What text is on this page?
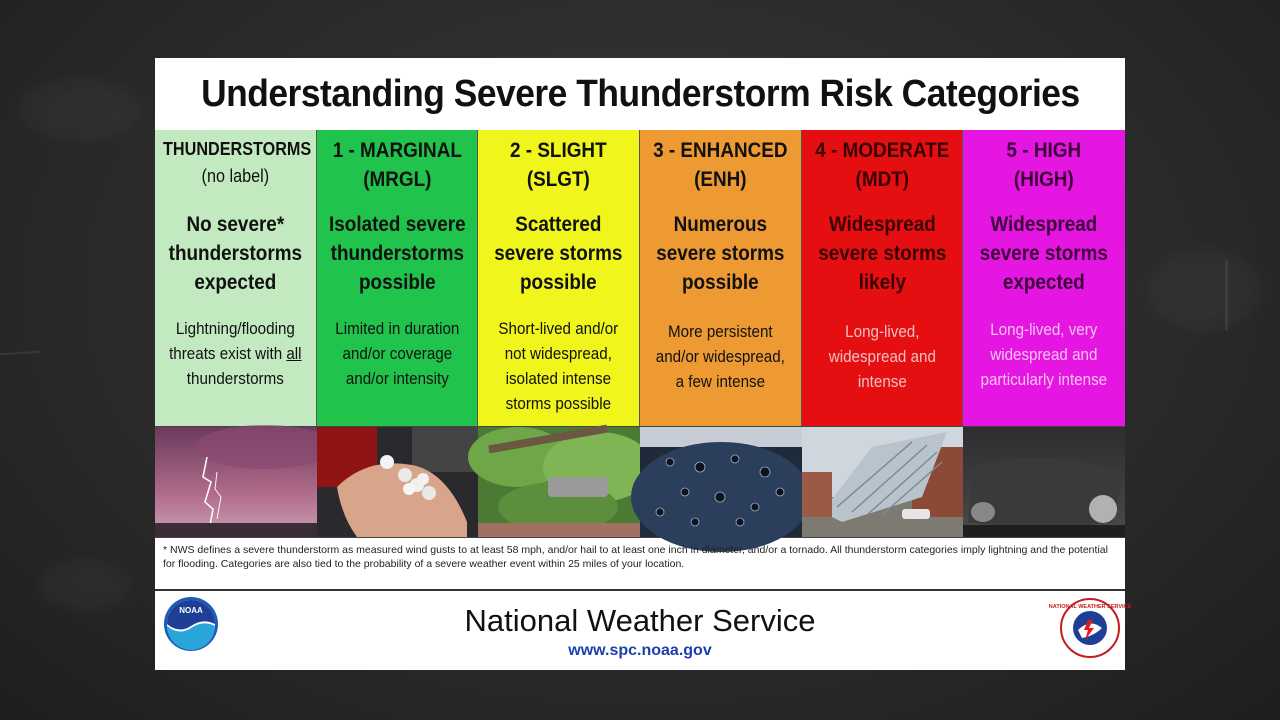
Understanding Severe Thunderstorm Risk Categories
THUNDERSTORMS
(no label)
No severe*
thunderstorms
expected
Lightning/flooding
threats exist with all
thunderstorms
1 - MARGINAL
(MRGL)
Isolated severe
thunderstorms
possible
Limited in duration
and/or coverage
and/or intensity
2 - SLIGHT
(SLGT)
Scattered
severe storms
possible
Short-lived and/or
not widespread,
isolated intense
storms possible
3 - ENHANCED
(ENH)
Numerous
severe storms
possible
More persistent
and/or widespread,
a few intense
4 - MODERATE
(MDT)
Widespread
severe storms
likely
Long-lived,
widespread and
intense
5 - HIGH
(HIGH)
Widespread
severe storms
expected
Long-lived, very
widespread and
particularly intense
* NWS defines a severe thunderstorm as measured wind gusts to at least 58 mph, and/or hail to at least one inch in diameter, and/or a tornado. All thunderstorm categories imply lightning and the potential for flooding. Categories are also tied to the probability of a severe weather event within 25 miles of your location.
NOAA	National Weather Service
www.spc.noaa.gov
NATIONAL WEATHER SERVICE
